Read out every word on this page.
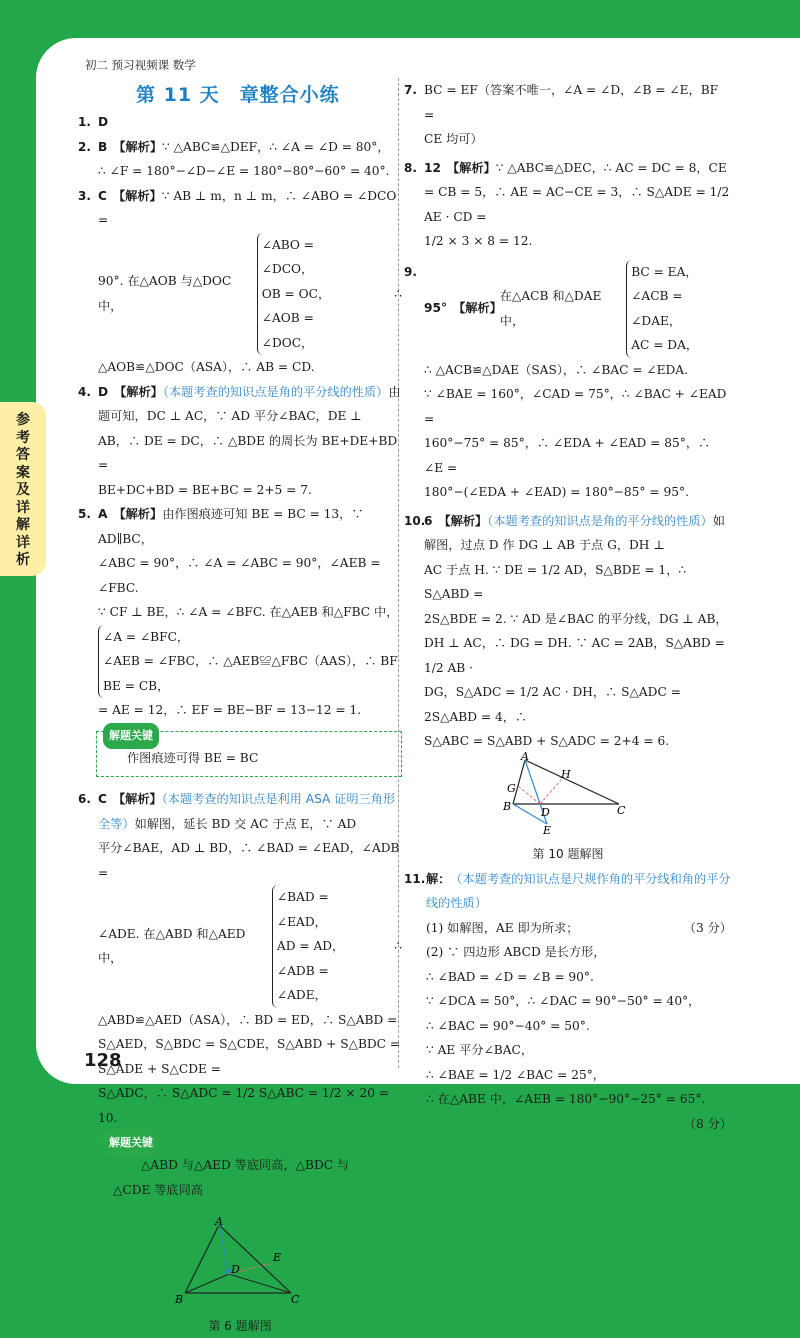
初二 预习视频课 数学
第 11 天　章整合小练
1. D
2. B 【解析】∵ △ABC≌△DEF，∴ ∠A = ∠D = 80°，
∴ ∠F = 180°−∠D−∠E = 180°−80°−60° = 40°.
3. C 【解析】∵ AB ⊥ m，n ⊥ m，∴ ∠ABO = ∠DCO =

90°. 在△AOB 与△DOC 中，
∠ABO = ∠DCO，
OB = OC，
∠AOB = ∠DOC，
∴
△AOB≌△DOC（ASA），∴ AB = CD.
4. D 【解析】（本题考查的知识点是角的平分线的性质）由题可知，DC ⊥ AC，∵ AD 平分∠BAC，DE ⊥
AB，∴ DE = DC，∴ △BDE 的周长为 BE+DE+BD =
BE+DC+BD = BE+BC = 2+5 = 7.
5. A 【解析】由作图痕迹可知 BE = BC = 13，∵ AD∥BC，
∠ABC = 90°，∴ ∠A = ∠ABC = 90°，∠AEB = ∠FBC.
∵ CF ⊥ BE，∴ ∠A = ∠BFC. 在△AEB 和△FBC 中，

∠A = ∠BFC，
∠AEB = ∠FBC，∴ △AEB≌△FBC（AAS），∴ BF
BE = CB，
= AE = 12，∴ EF = BE−BF = 13−12 = 1.
解题关键
作图痕迹可得 BE = BC
6. C 【解析】（本题考查的知识点是利用 ASA 证明三角形全等）如解图，延长 BD 交 AC 于点 E，∵ AD
平分∠BAE，AD ⊥ BD，∴ ∠BAD = ∠EAD，∠ADB =

∠ADE. 在△ABD 和△AED 中，
∠BAD = ∠EAD，
AD = AD，
∠ADB = ∠ADE，
∴
△ABD≌△AED（ASA），∴ BD = ED，∴ S△ABD =
S△AED，S△BDC = S△CDE，S△ABD + S△BDC = S△ADE + S△CDE =
S△ADC，∴ S△ADC = 1/2 S△ABC = 1/2 × 20 = 10.
解题关键
△ABD 与△AED 等底同高，△BDC 与
△CDE 等底同高
A
B	C
D
E
第 6 题解图
7. BC = EF（答案不唯一，∠A = ∠D，∠B = ∠E，BF =
CE 均可）
8. 12 【解析】∵ △ABC≌△DEC，∴ AC = DC = 8，CE
= CB = 5，∴ AE = AC−CE = 3，∴ S△ADE = 1/2 AE · CD =
1/2 × 3 × 8 = 12.
9.
95° 【解析】
在△ACB 和△DAE 中，
BC = EA，
∠ACB = ∠DAE，
AC = DA，
∴ △ACB≌△DAE（SAS），∴ ∠BAC = ∠EDA.
∵ ∠BAE = 160°，∠CAD = 75°，∴ ∠BAC + ∠EAD =
160°−75° = 85°，∴ ∠EDA + ∠EAD = 85°，∴ ∠E =
180°−(∠EDA + ∠EAD) = 180°−85° = 95°.
10.
6 【解析】（本题考查的知识点是角的平分线的性质）如解图，过点 D 作 DG ⊥ AB 于点 G，DH ⊥
AC 于点 H. ∵ DE = 1/2 AD，S△BDE = 1，∴ S△ABD =
2S△BDE = 2. ∵ AD 是∠BAC 的平分线，DG ⊥ AB，
DH ⊥ AC，∴ DG = DH. ∵ AC = 2AB，S△ABD = 1/2 AB ·
DG，S△ADC = 1/2 AC · DH，∴ S△ADC = 2S△ABD = 4，∴
S△ABC = S△ABD + S△ADC = 2+4 = 6.
A
B	C
D
E
G
H
第 10 题解图
11. 解： （本题考查的知识点是尺规作角的平分线和角的平分线的性质）
(1) 如解图，AE 即为所求；	（3 分）

(2) ∵ 四边形 ABCD 是长方形，
∴ ∠BAD = ∠D = ∠B = 90°.
∵ ∠DCA = 50°，∴ ∠DAC = 90°−50° = 40°，
∴ ∠BAC = 90°−40° = 50°.
∵ AE 平分∠BAC，
∴ ∠BAE = 1/2 ∠BAC = 25°，
∴ 在△ABE 中，∠AEB = 180°−90°−25° = 65°.

（8 分）
参考答案及详解详析
128
